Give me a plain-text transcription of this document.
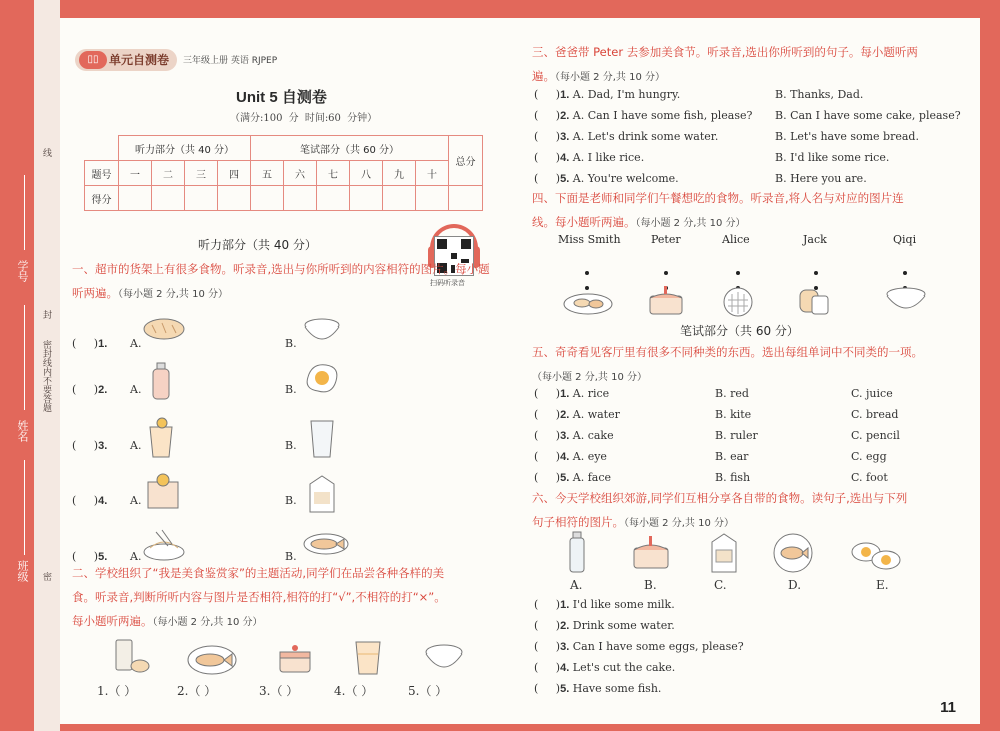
学号
姓名
班级
线
密封线内不要答题
封
密
▯▯ 单元自测卷	三年级上册 英语 RJPEP
Unit 5 自测卷
（满分:100 分 时间:60 分钟）
	听力部分（共 40 分）				笔试部分（共 60 分）						总分
题号	一	二	三	四	五	六	七	八	九	十	
得分											
听力部分（共 40 分）
扫码听录音
一、超市的货架上有很多食物。听录音,选出与你所听到的内容相符的图片。每小题听两遍。（每小题 2 分,共 10 分）
(     )1. A.	B.
(     )2. A.	B.
(     )3. A.	B.
(     )4. A.	B.
(     )5. A.	B.
二、学校组织了“我是美食鉴赏家”的主题活动,同学们在品尝各种各样的美
食。听录音,判断所听内容与图片是否相符,相符的打“√”,不相符的打“×”。
每小题听两遍。（每小题 2 分,共 10 分）
1.（ ）	2.（ ）	3.（ ）	4.（ ）	5.（ ）
三、爸爸带 Peter 去参加美食节。听录音,选出你所听到的句子。每小题听两
遍。（每小题 2 分,共 10 分）
(     )1. A. Dad, I'm hungry.	B. Thanks, Dad.
(     )2. A. Can I have some fish, please? B. Can I have some cake, please?
(     )3. A. Let's drink some water.	B. Let's have some bread.
(     )4. A. I like rice.	B. I'd like some rice.
(     )5. A. You're welcome.	B. Here you are.
四、下面是老师和同学们午餐想吃的食物。听录音,将人名与对应的图片连
线。每小题听两遍。（每小题 2 分,共 10 分）
Miss Smith	Peter	Alice	Jack	Qiqi
笔试部分（共 60 分）
五、奇奇看见客厅里有很多不同种类的东西。选出每组单词中不同类的一项。
（每小题 2 分,共 10 分）
(     )1. A. rice	B. red	C. juice
(     )2. A. water	B. kite	C. bread
(     )3. A. cake	B. ruler	C. pencil
(     )4. A. eye	B. ear	C. egg
(     )5. A. face	B. fish	C. foot
六、今天学校组织郊游,同学们互相分享各自带的食物。读句子,选出与下列
句子相符的图片。（每小题 2 分,共 10 分）
A.	B.	C.	D.	E.
(     )1. I'd like some milk.
(     )2. Drink some water.
(     )3. Can I have some eggs, please?
(     )4. Let's cut the cake.
(     )5. Have some fish.
11
